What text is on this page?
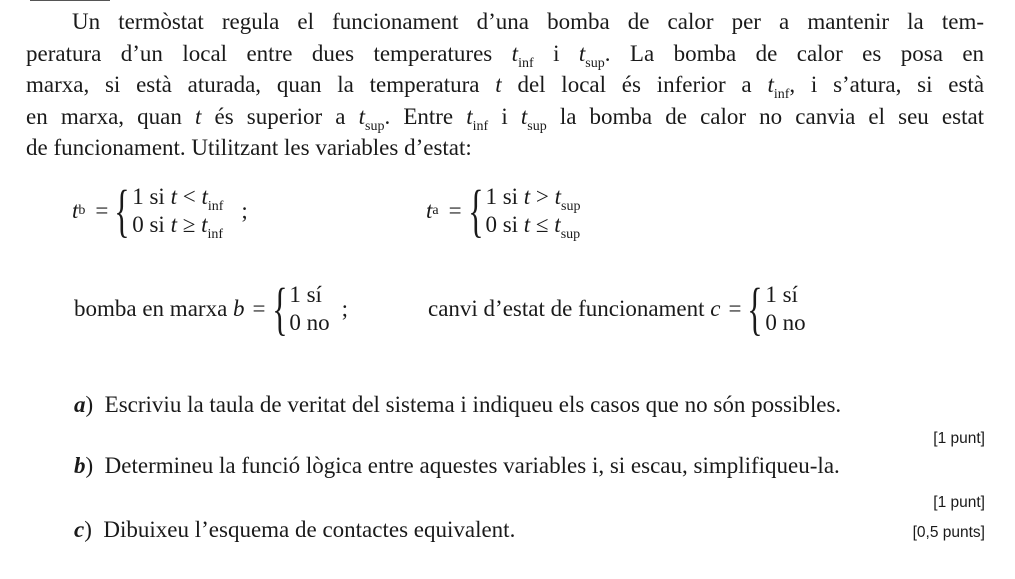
Un termòstat regula el funcionament d’una bomba de calor per a mantenir la tem-
peratura d’un local entre dues temperatures $t_{inf}$ i $t_{sup}$. La bomba de calor es posa en
marxa, si està aturada, quan la temperatura t del local és inferior a $t_{inf}$, i s’atura, si està
en marxa, quan t és superior a $t_{sup}$. Entre $t_{inf}$ i $t_{sup}$ la bomba de calor no canvia el seu estat
de funcionament. Utilitzant les variables d’estat:
t b = { 1 si $t < t_{inf}$
0 si $t \ge t_{inf}$
;	t a = { 1 si $t > t_{sup}$
0 si $t \le t_{sup}$
bomba en marxa
b = { 1 sí
0 no
;	canvi d’estat de funcionament
c = { 1 sí
0 no
a) Escriviu la taula de veritat del sistema i indiqueu els casos que no són possibles.
[1 punt]
b) Determineu la funció lògica entre aquestes variables i, si escau, simplifiqueu-la.
[1 punt]
c) Dibuixeu l’esquema de contactes equivalent.	[0,5 punts]
